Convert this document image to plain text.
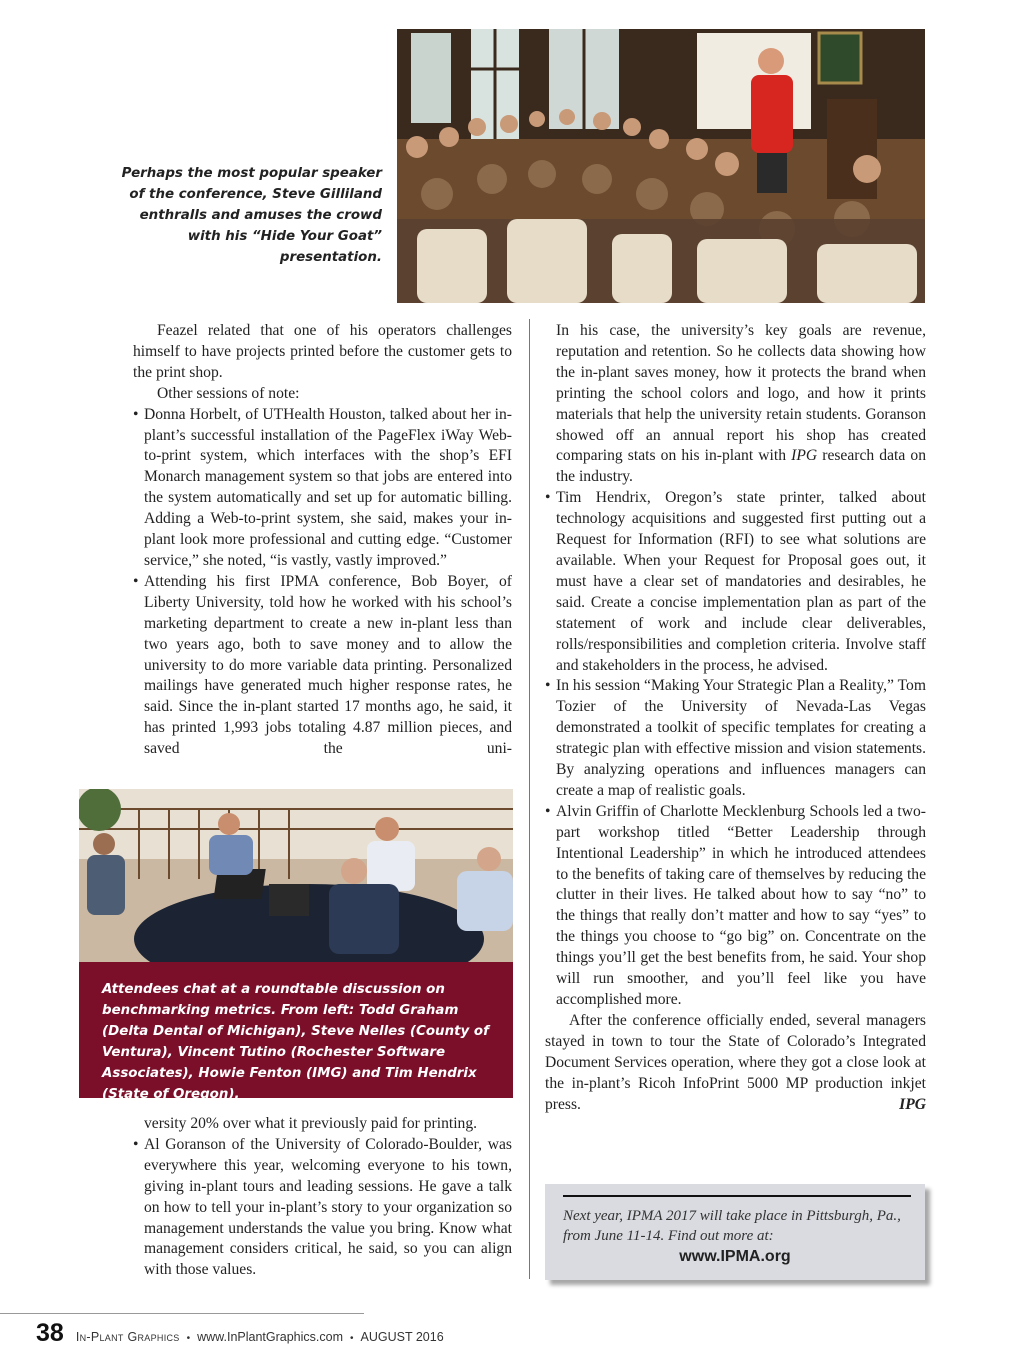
Perhaps the most popular speaker of the conference, Steve Gilliland enthralls and amuses the crowd with his “Hide Your Goat” presentation.

Feazel related that one of his operators challenges himself to have projects printed before the customer gets to the print shop.

Other sessions of note:

• Donna Horbelt, of UTHealth Houston, talked about her in-plant’s successful installation of the PageFlex iWay Web-to-print system, which interfaces with the shop’s EFI Monarch management system so that jobs are entered into the system automatically and set up for automatic billing. Adding a Web-to-print system, she said, makes your in-plant look more professional and cutting edge. “Customer service,” she noted, “is vastly, vastly improved.”

• Attending his first IPMA conference, Bob Boyer, of Liberty University, told how he worked with his school’s marketing department to create a new in-plant less than two years ago, both to save money and to allow the university to do more variable data printing. Personalized mailings have generated much higher response rates, he said. Since the in-plant started 17 months ago, he said, it has printed 1,993 jobs totaling 4.87 million pieces, and saved the uni-

Attendees chat at a roundtable discussion on benchmarking metrics. From left: Todd Graham (Delta Dental of Michigan), Steve Nelles (County of Ventura), Vincent Tutino (Rochester Software Associates), Howie Fenton (IMG) and Tim Hendrix (State of Oregon).

versity 20% over what it previously paid for printing.

• Al Goranson of the University of Colorado-Boulder, was everywhere this year, welcoming everyone to his town, giving in-plant tours and leading sessions. He gave a talk on how to tell your in-plant’s story to your organization so management understands the value you bring. Know what management considers critical, he said, so you can align with those values.

In his case, the university’s key goals are revenue, reputation and retention. So he collects data showing how the in-plant saves money, how it protects the brand when printing the school colors and logo, and how it prints materials that help the university retain students. Goranson showed off an annual report his shop has created comparing stats on his in-plant with IPG research data on the industry.

• Tim Hendrix, Oregon’s state printer, talked about technology acquisitions and suggested first putting out a Request for Information (RFI) to see what solutions are available. When your Request for Proposal goes out, it must have a clear set of mandatories and desirables, he said. Create a concise implementation plan as part of the statement of work and include clear deliverables, rolls/responsibilities and completion criteria. Involve staff and stakeholders in the process, he advised.

• In his session “Making Your Strategic Plan a Reality,” Tom Tozier of the University of Nevada-Las Vegas demonstrated a toolkit of specific templates for creating a strategic plan with effective mission and vision statements. By analyzing operations and influences managers can create a map of realistic goals.

• Alvin Griffin of Charlotte Mecklenburg Schools led a two-part workshop titled “Better Leadership through Intentional Leadership” in which he introduced attendees to the benefits of taking care of themselves by reducing the clutter in their lives. He talked about how to say “no” to the things that really don’t matter and how to say “yes” to the things you choose to “go big” on. Concentrate on the things you’ll get the best benefits from, he said. Your shop will run smoother, and you’ll feel like you have accomplished more.

After the conference officially ended, several managers stayed in town to tour the State of Colorado’s Integrated Document Services operation, where they got a close look at the in-plant’s Ricoh InfoPrint 5000 MP production inkjet press.	IPG

Next year, IPMA 2017 will take place in Pittsburgh, Pa., from June 11-14. Find out more at:
www.IPMA.org
38 In-Plant Graphics • www.InPlantGraphics.com • AUGUST 2016
